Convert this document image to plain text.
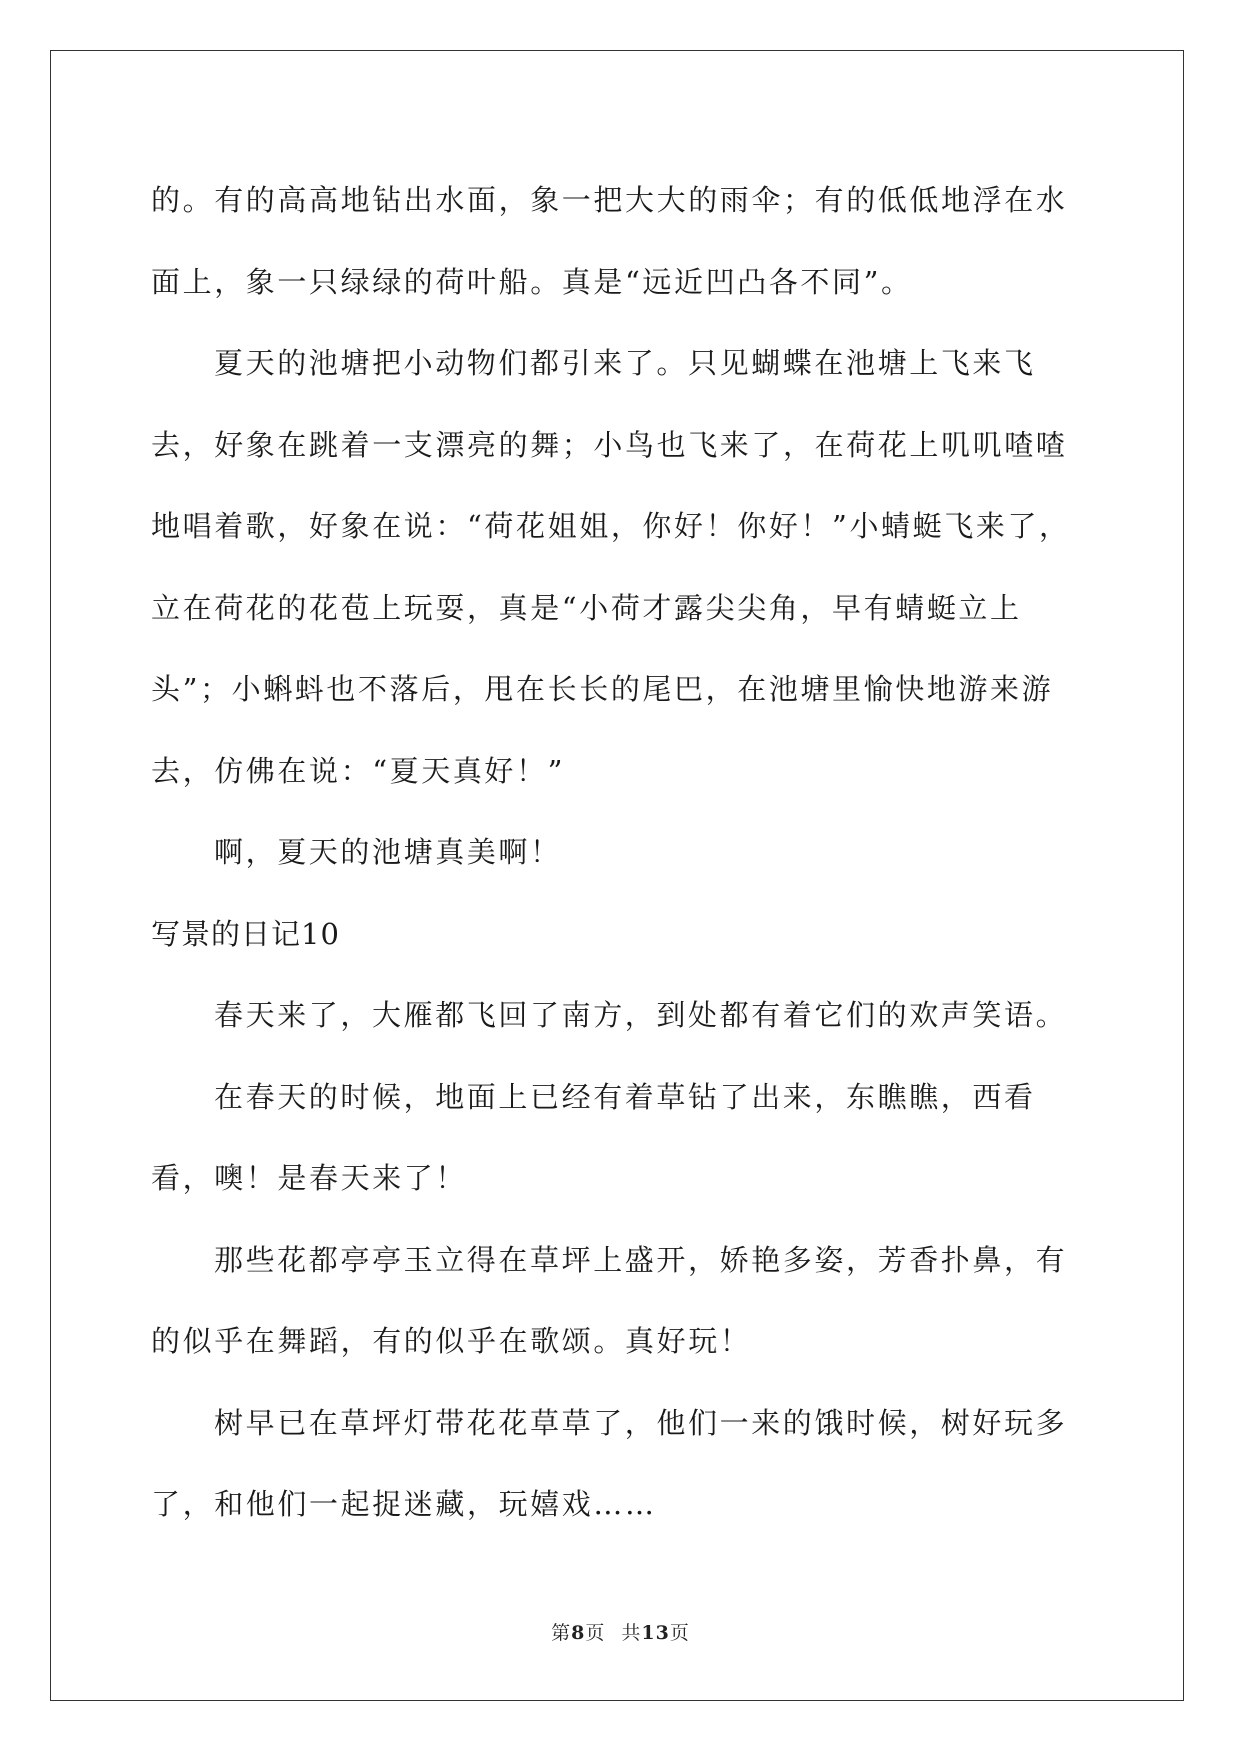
的。有的高高地钻出水面，象一把大大的雨伞；有的低低地浮在水面上，象一只绿绿的荷叶船。真是“远近凹凸各不同”。

夏天的池塘把小动物们都引来了。只见蝴蝶在池塘上飞来飞去，好象在跳着一支漂亮的舞；小鸟也飞来了，在荷花上叽叽喳喳地唱着歌，好象在说：“荷花姐姐，你好！你好！”小蜻蜓飞来了，立在荷花的花苞上玩耍，真是“小荷才露尖尖角，早有蜻蜓立上头”；小蝌蚪也不落后，甩在长长的尾巴，在池塘里愉快地游来游去，仿佛在说：“夏天真好！”

啊，夏天的池塘真美啊！

写景的日记10

春天来了，大雁都飞回了南方，到处都有着它们的欢声笑语。

在春天的时候，地面上已经有着草钻了出来，东瞧瞧，西看看，噢！是春天来了！

那些花都亭亭玉立得在草坪上盛开，娇艳多姿，芳香扑鼻，有的似乎在舞蹈，有的似乎在歌颂。真好玩！

树早已在草坪灯带花花草草了，他们一来的饿时候，树好玩多了，和他们一起捉迷藏，玩嬉戏……

第8页 共13页
